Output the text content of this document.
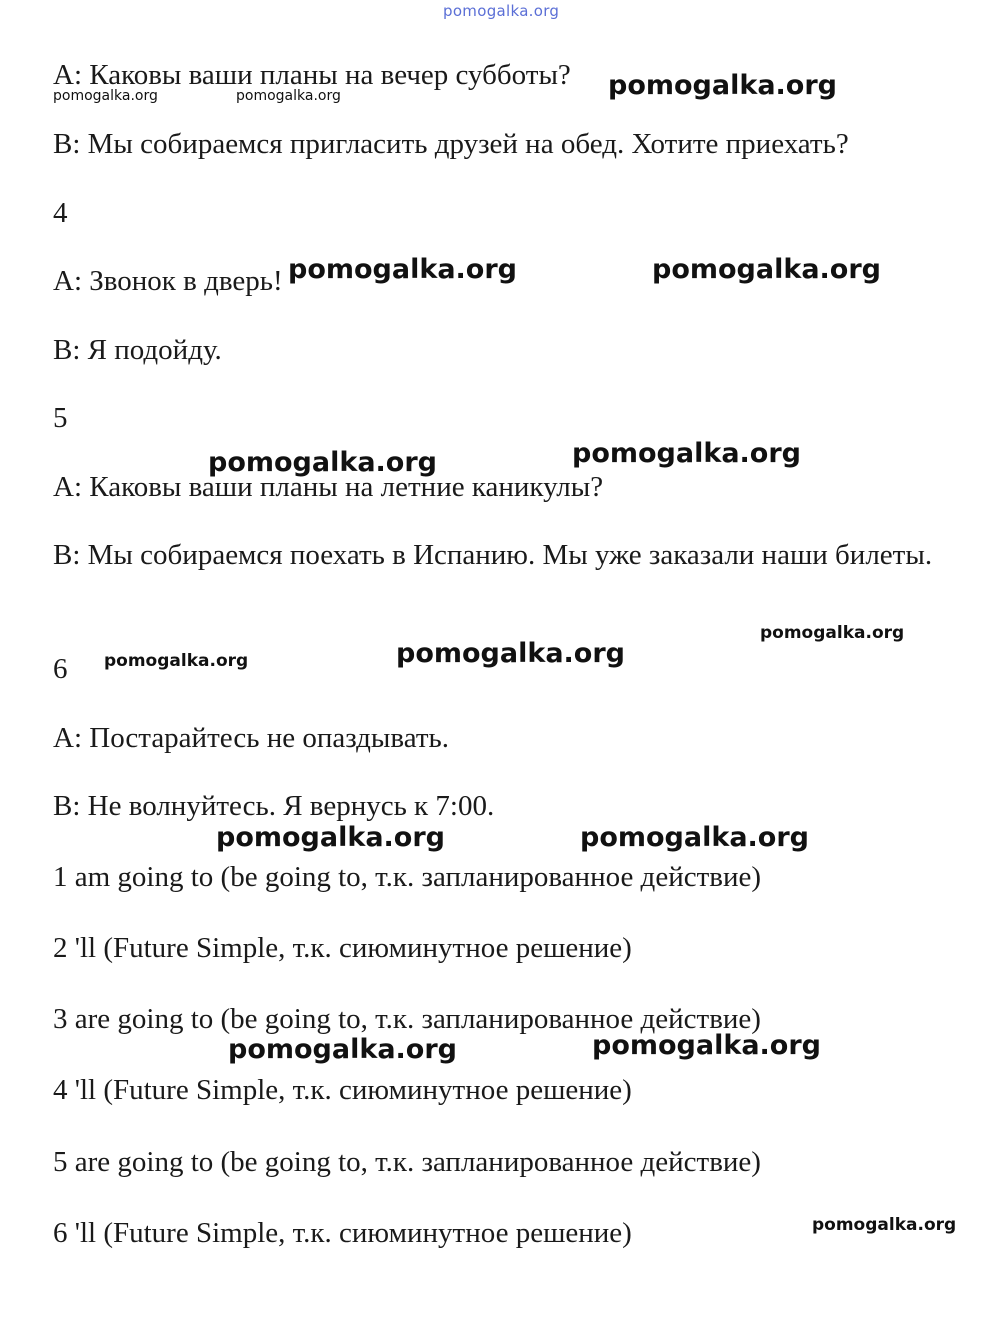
pomogalka.org
A: Каковы ваши планы на вечер субботы?
B: Мы собираемся пригласить друзей на обед. Хотите приехать?
4
A: Звонок в дверь!
B: Я подойду.
5
A: Каковы ваши планы на летние каникулы?
B: Мы собираемся поехать в Испанию. Мы уже заказали наши билеты.
6
A: Постарайтесь не опаздывать.
B: Не волнуйтесь. Я вернусь к 7:00.
1 am going to (be going to, т.к. запланированное действие)
2 'll (Future Simple, т.к. сиюминутное решение)
3 are going to (be going to, т.к. запланированное действие)
4 'll (Future Simple, т.к. сиюминутное решение)
5 are going to (be going to, т.к. запланированное действие)
6 'll (Future Simple, т.к. сиюминутное решение)
pomogalka.org	pomogalka.org	pomogalka.org
pomogalka.org	pomogalka.org
pomogalka.org	pomogalka.org
pomogalka.org
pomogalka.org	pomogalka.org
pomogalka.org	pomogalka.org
pomogalka.org	pomogalka.org
pomogalka.org
